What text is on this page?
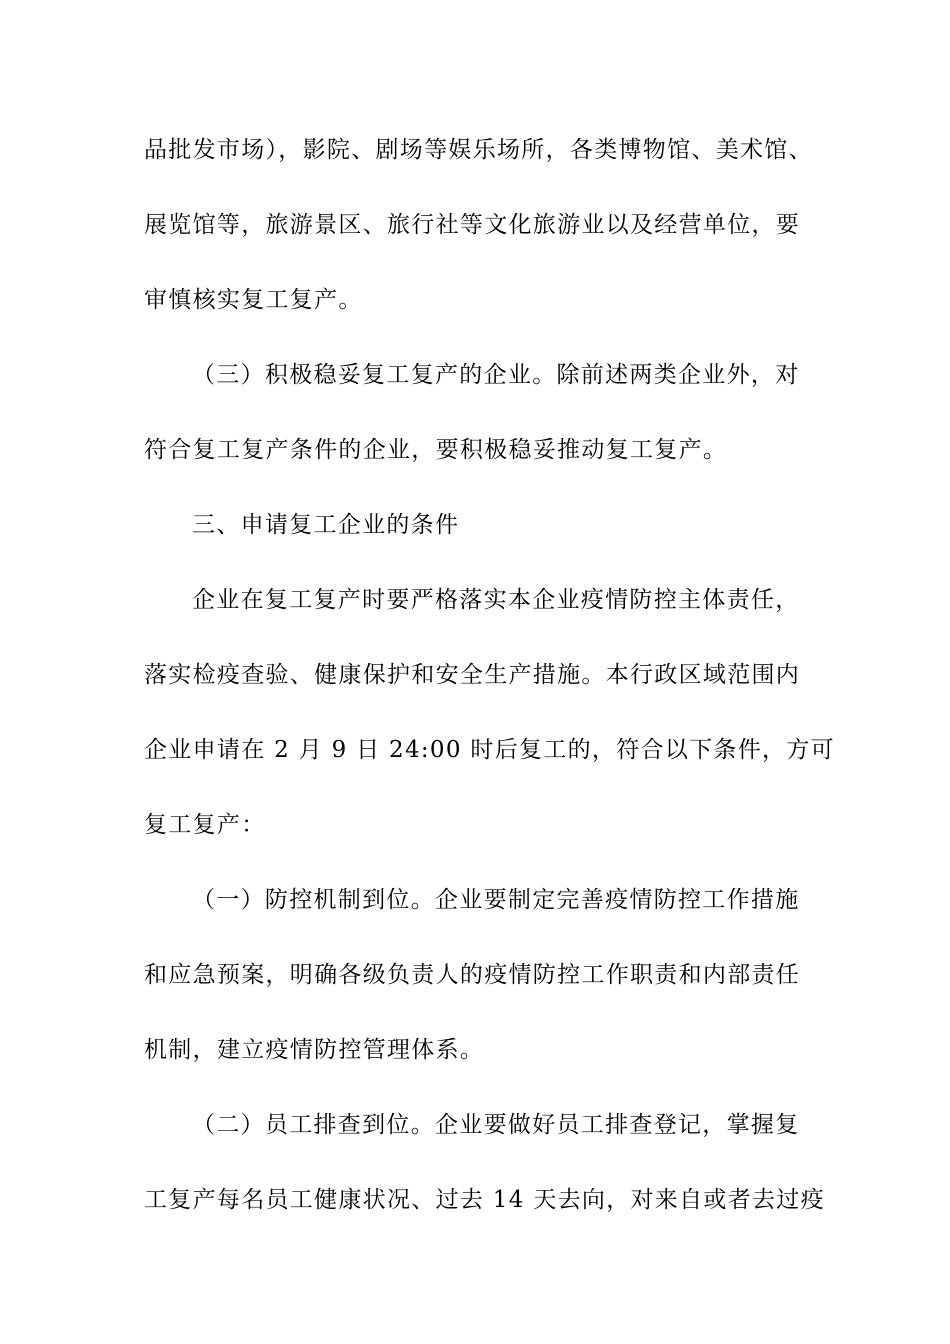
品批发市场），影院、剧场等娱乐场所，各类博物馆、美术馆、
展览馆等，旅游景区、旅行社等文化旅游业以及经营单位，要
审慎核实复工复产。
（三）积极稳妥复工复产的企业。除前述两类企业外，对
符合复工复产条件的企业，要积极稳妥推动复工复产。
三、申请复工企业的条件
企业在复工复产时要严格落实本企业疫情防控主体责任，
落实检疫查验、健康保护和安全生产措施。本行政区域范围内
企业申请在 2 月 9 日 24:00 时后复工的，符合以下条件，方可
复工复产：
（一）防控机制到位。企业要制定完善疫情防控工作措施
和应急预案，明确各级负责人的疫情防控工作职责和内部责任
机制，建立疫情防控管理体系。
（二）员工排查到位。企业要做好员工排查登记，掌握复
工复产每名员工健康状况、过去 14 天去向，对来自或者去过疫
